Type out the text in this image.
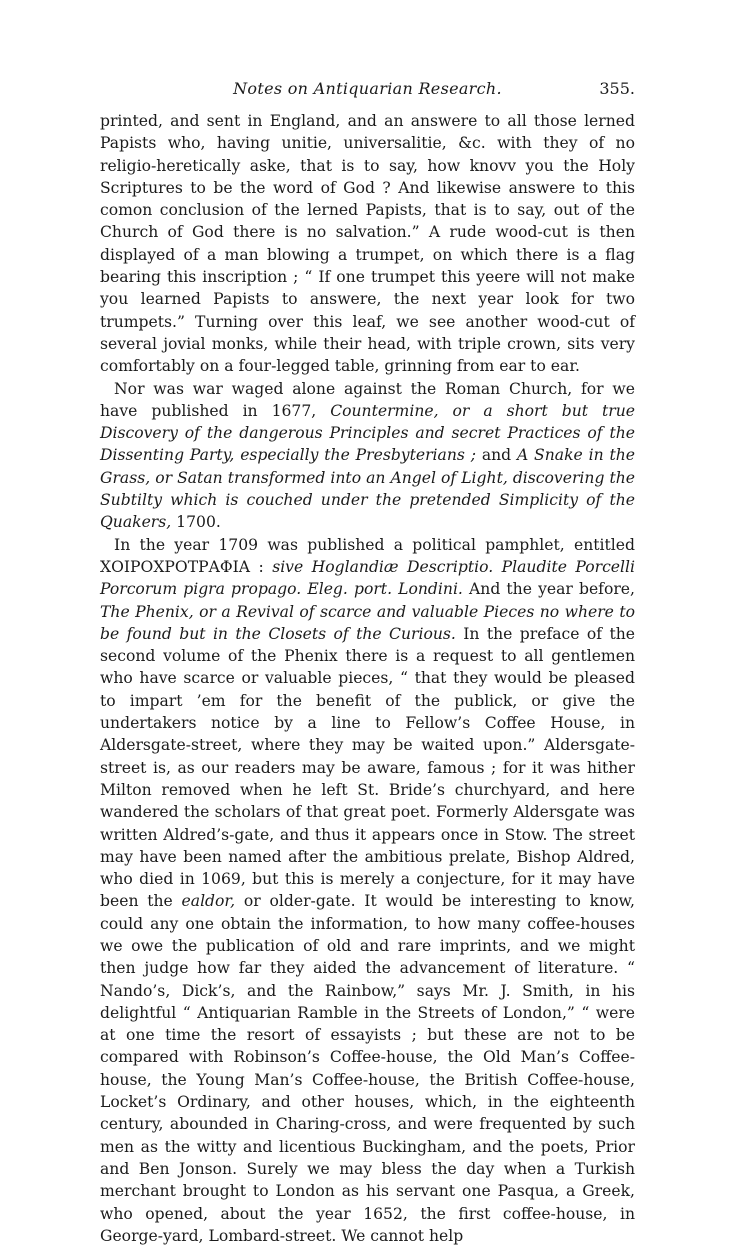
Notes on Antiquarian Research.	355.

printed, and sent in England, and an answere to all those lerned Papists who, having unitie, universalitie, &c. with they of no religio-heretically aske, that is to say, how knovv you the Holy Scriptures to be the word of God ? And likewise answere to this comon conclusion of the lerned Papists, that is to say, out of the Church of God there is no salvation.” A rude wood-cut is then displayed of a man blowing a trumpet, on which there is a flag bearing this inscription ; “ If one trumpet this yeere will not make you learned Papists to answere, the next year look for two trumpets.” Turning over this leaf, we see another wood-cut of several jovial monks, while their head, with triple crown, sits very comfortably on a four-legged table, grinning from ear to ear.

Nor was war waged alone against the Roman Church, for we have published in 1677, Countermine, or a short but true Discovery of the dangerous Principles and secret Practices of the Dissenting Party, especially the Presbyterians ; and A Snake in the Grass, or Satan transformed into an Angel of Light, discovering the Subtilty which is couched under the pretended Simplicity of the Quakers, 1700.

In the year 1709 was published a political pamphlet, entitled ΧΟΙΡΟΧΡΟΤΡΑΦΙΑ : sive Hoglandiæ Descriptio. Plaudite Porcelli Porcorum pigra propago. Eleg. port. Londini. And the year before, The Phenix, or a Revival of scarce and valuable Pieces no where to be found but in the Closets of the Curious. In the preface of the second volume of the Phenix there is a request to all gentlemen who have scarce or valuable pieces, “ that they would be pleased to impart ’em for the benefit of the publick, or give the undertakers notice by a line to Fellow’s Coffee House, in Aldersgate-street, where they may be waited upon.” Aldersgate-street is, as our readers may be aware, famous ; for it was hither Milton removed when he left St. Bride’s churchyard, and here wandered the scholars of that great poet. Formerly Aldersgate was written Aldred’s-gate, and thus it appears once in Stow. The street may have been named after the ambitious prelate, Bishop Aldred, who died in 1069, but this is merely a conjecture, for it may have been the ealdor, or older-gate. It would be interesting to know, could any one obtain the information, to how many coffee-houses we owe the publication of old and rare imprints, and we might then judge how far they aided the advancement of literature. “ Nando’s, Dick’s, and the Rainbow,” says Mr. J. Smith, in his delightful “ Antiquarian Ramble in the Streets of London,” “ were at one time the resort of essayists ; but these are not to be compared with Robinson’s Coffee-house, the Old Man’s Coffee-house, the Young Man’s Coffee-house, the British Coffee-house, Locket’s Ordinary, and other houses, which, in the eighteenth century, abounded in Charing-cross, and were frequented by such men as the witty and licentious Buckingham, and the poets, Prior and Ben Jonson. Surely we may bless the day when a Turkish merchant brought to London as his servant one Pasqua, a Greek, who opened, about the year 1652, the first coffee-house, in George-yard, Lombard-street. We cannot help
